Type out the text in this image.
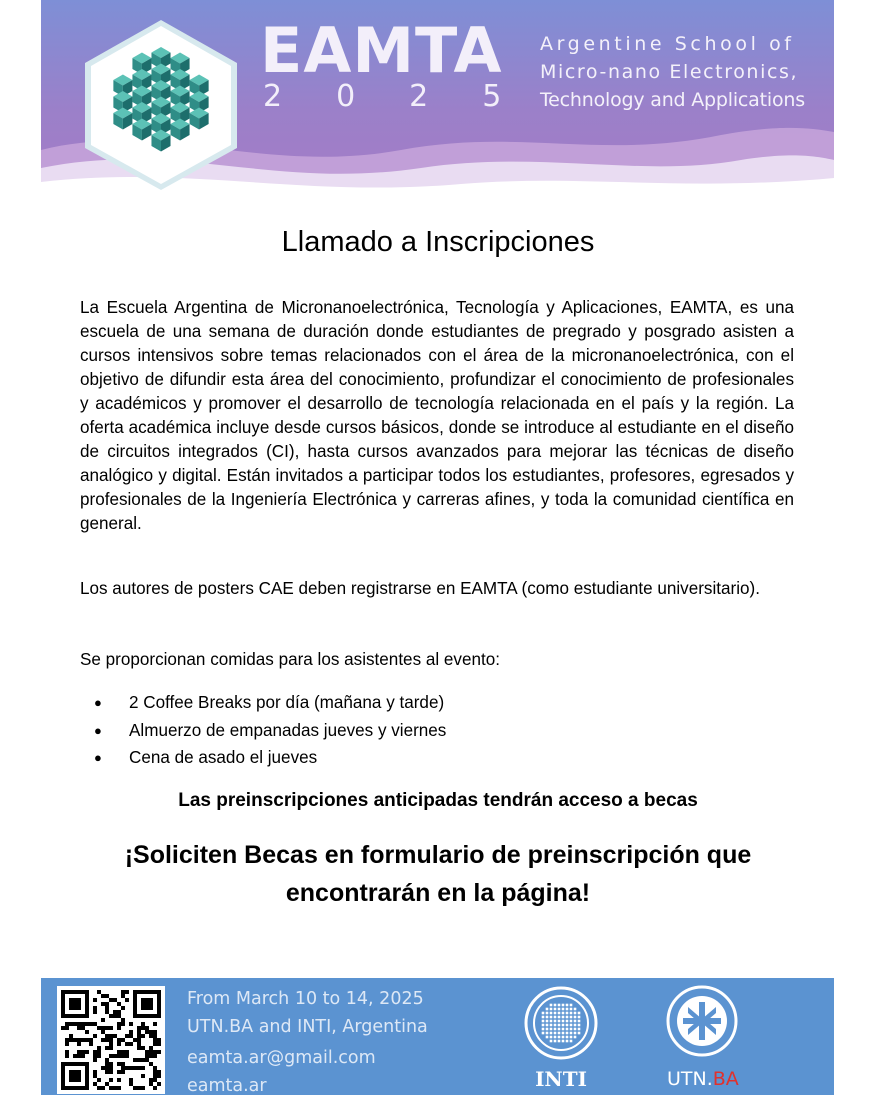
EAMTA
2025
Argentine School of
Micro-nano Electronics,
Technology and Applications
Llamado a Inscripciones

La Escuela Argentina de Micronanoelectrónica, Tecnología y Aplicaciones, EAMTA, es una escuela de una semana de duración donde estudiantes de pregrado y posgrado asisten a cursos intensivos sobre temas relacionados con el área de la micronanoelectrónica, con el objetivo de difundir esta área del conocimiento, profundizar el conocimiento de profesionales y académicos y promover el desarrollo de tecnología relacionada en el país y la región. La oferta académica incluye desde cursos básicos, donde se introduce al estudiante en el diseño de circuitos integrados (CI), hasta cursos avanzados para mejorar las técnicas de diseño analógico y digital. Están invitados a participar todos los estudiantes, profesores, egresados y profesionales de la Ingeniería Electrónica y carreras afines, y toda la comunidad científica en general.

Los autores de posters CAE deben registrarse en EAMTA (como estudiante universitario).

Se proporcionan comidas para los asistentes al evento:

● 2 Coffee Breaks por día (mañana y tarde)
● Almuerzo de empanadas jueves y viernes
● Cena de asado el jueves
Las preinscripciones anticipadas tendrán acceso a becas
¡Soliciten Becas en formulario de preinscripción que
encontrarán en la página!
From March 10 to 14, 2025
UTN.BA and INTI, Argentina
eamta.ar@gmail.com
eamta.ar	INTI	UTN.BA
